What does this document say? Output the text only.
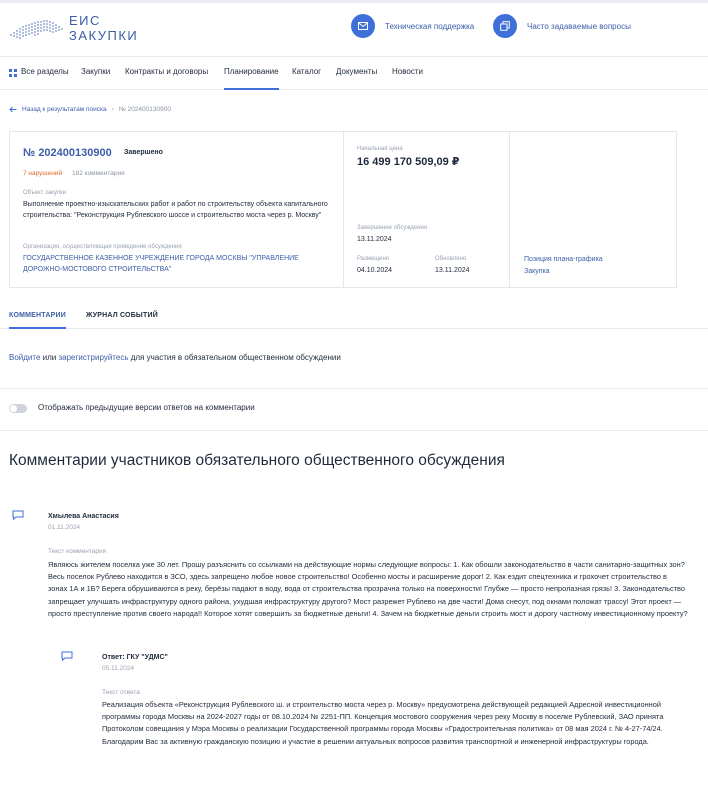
ЕИС
ЗАКУПКИ
Техническая поддержка	Часто задаваемые вопросы
Все разделы Закупки Контракты и договоры Планирование Каталог Документы Новости
Назад к результатам поиска › № 202400130900
№ 202400130900 Завершено
7 нарушений 182 комментария
Объект закупки
Выполнение проектно-изыскательских работ и работ по строительству объекта капитального строительства: "Реконструкция Рублевского шоссе и строительство моста через р. Москву"
Организация, осуществляющая проведение обсуждения
ГОСУДАРСТВЕННОЕ КАЗЕННОЕ УЧРЕЖДЕНИЕ ГОРОДА МОСКВЫ "УПРАВЛЕНИЕ ДОРОЖНО-МОСТОВОГО СТРОИТЕЛЬСТВА"
Начальная цена
16 499 170 509,09 ₽
Завершение обсуждения
13.11.2024
Размещено
04.10.2024
Обновлено
13.11.2024
Позиция плана-графика
Закупка
КОММЕНТАРИИ	ЖУРНАЛ СОБЫТИЙ
Войдите или зарегистрируйтесь для участия в обязательном общественном обсуждении
Отображать предыдущие версии ответов на комментарии
Комментарии участников обязательного общественного обсуждения
Хмылева Анастасия
01.11.2024
Текст комментария
Являюсь жителем поселка уже 30 лет. Прошу разъяснить со ссылками на действующие нормы следующие вопросы: 1. Как обошли законодательство в части санитарно-защитных зон? Весь поселок Рублево находится в ЗСО, здесь запрещено любое новое строительство! Особенно мосты и расширение дорог! 2. Как ездит спецтехника и грохочет строительство в зонах 1А и 1Б? Берега обрушиваются в реку, берёзы падают в воду, вода от строительства прозрачна только на поверхности! Глубже — просто непролазная грязь! 3. Законодательство запрещает улучшать инфраструктуру одного района, ухудшая инфраструктуру другого? Мост разрежет Рублево на две части! Дома снесут, под окнами положат трассу! Этот проект — просто преступление против своего народа!! Которое хотят совершить за бюджетные деньги! 4. Зачем на бюджетные деньги строить мост и дорогу частному инвестиционному проекту?
Ответ: ГКУ "УДМС"
05.11.2024
Текст ответа
Реализация объекта «Реконструкция Рублевского ш. и строительство моста через р. Москву» предусмотрена действующей редакцией Адресной инвестиционной программы города Москвы на 2024-2027 годы от 08.10.2024 № 2251-ПП. Концепция мостового сооружения через реку Москву в поселке Рублевский, ЗАО принята Протоколом совещания у Мэра Москвы о реализации Государственной программы города Москвы «Градостроительная политика» от 08 мая 2024 г. № 4-27-74/24. Благодарим Вас за активную гражданскую позицию и участие в решении актуальных вопросов развития транспортной и инженерной инфраструктуры города.
